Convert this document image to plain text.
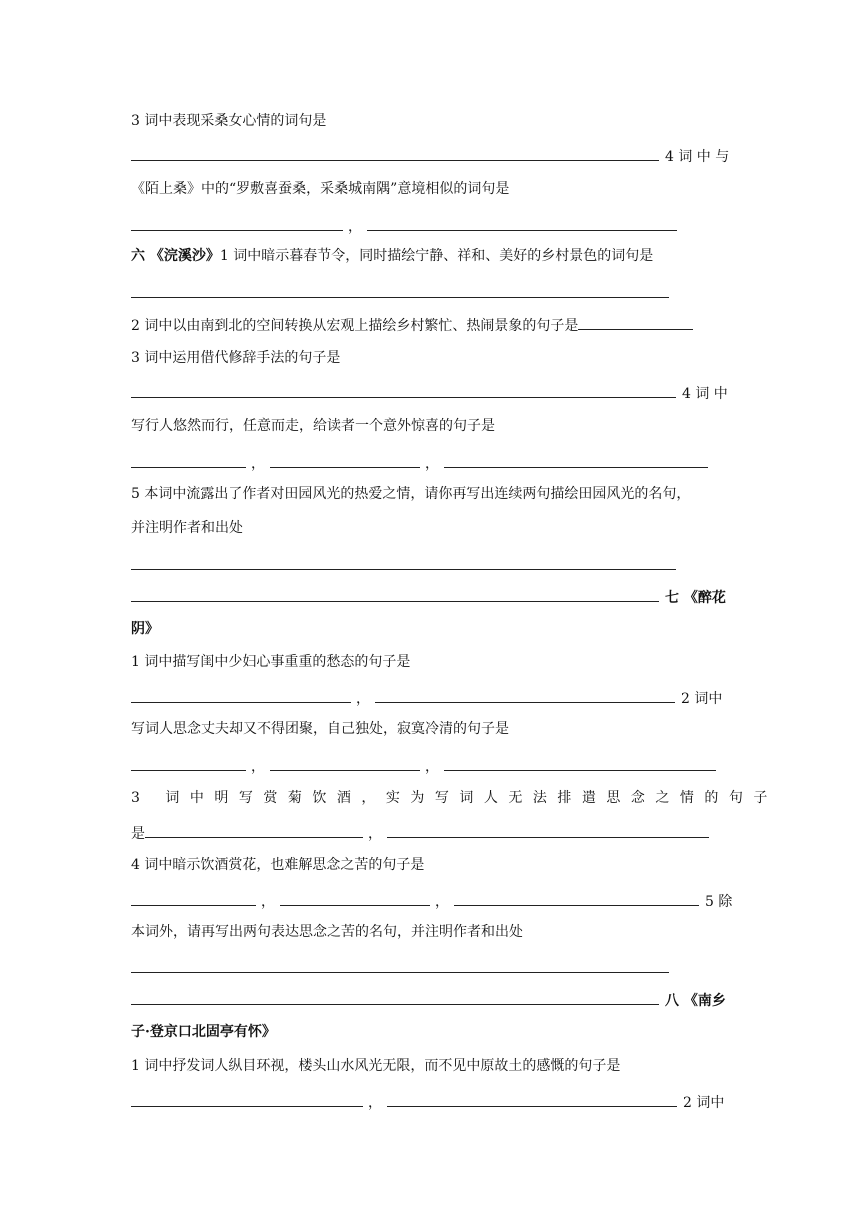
3 词中表现采桑女心情的词句是
4 词 中 与
《陌上桑》中的“罗敷喜蚕桑，采桑城南隅”意境相似的词句是
，
六 《浣溪沙》1 词中暗示暮春节令，同时描绘宁静、祥和、美好的乡村景色的词句是
2 词中以由南到北的空间转换从宏观上描绘乡村繁忙、热闹景象的句子是
3 词中运用借代修辞手法的句子是
4 词 中
写行人悠然而行，任意而走，给读者一个意外惊喜的句子是
，	，
5 本词中流露出了作者对田园风光的热爱之情，请你再写出连续两句描绘田园风光的名句，
并注明作者和出处
七 《醉花
阴》
1 词中描写闺中少妇心事重重的愁态的句子是
，	2 词中
写词人思念丈夫却又不得团聚，自己独处，寂寞冷清的句子是
，	，
3 词中明写赏菊饮酒，实为写词人无法排遣思念之情的句子
是	，
4 词中暗示饮酒赏花，也难解思念之苦的句子是
，	，	5 除
本词外，请再写出两句表达思念之苦的名句，并注明作者和出处
八 《南乡
子·登京口北固亭有怀》
1 词中抒发词人纵目环视，楼头山水风光无限，而不见中原故土的感慨的句子是
，	2 词中
